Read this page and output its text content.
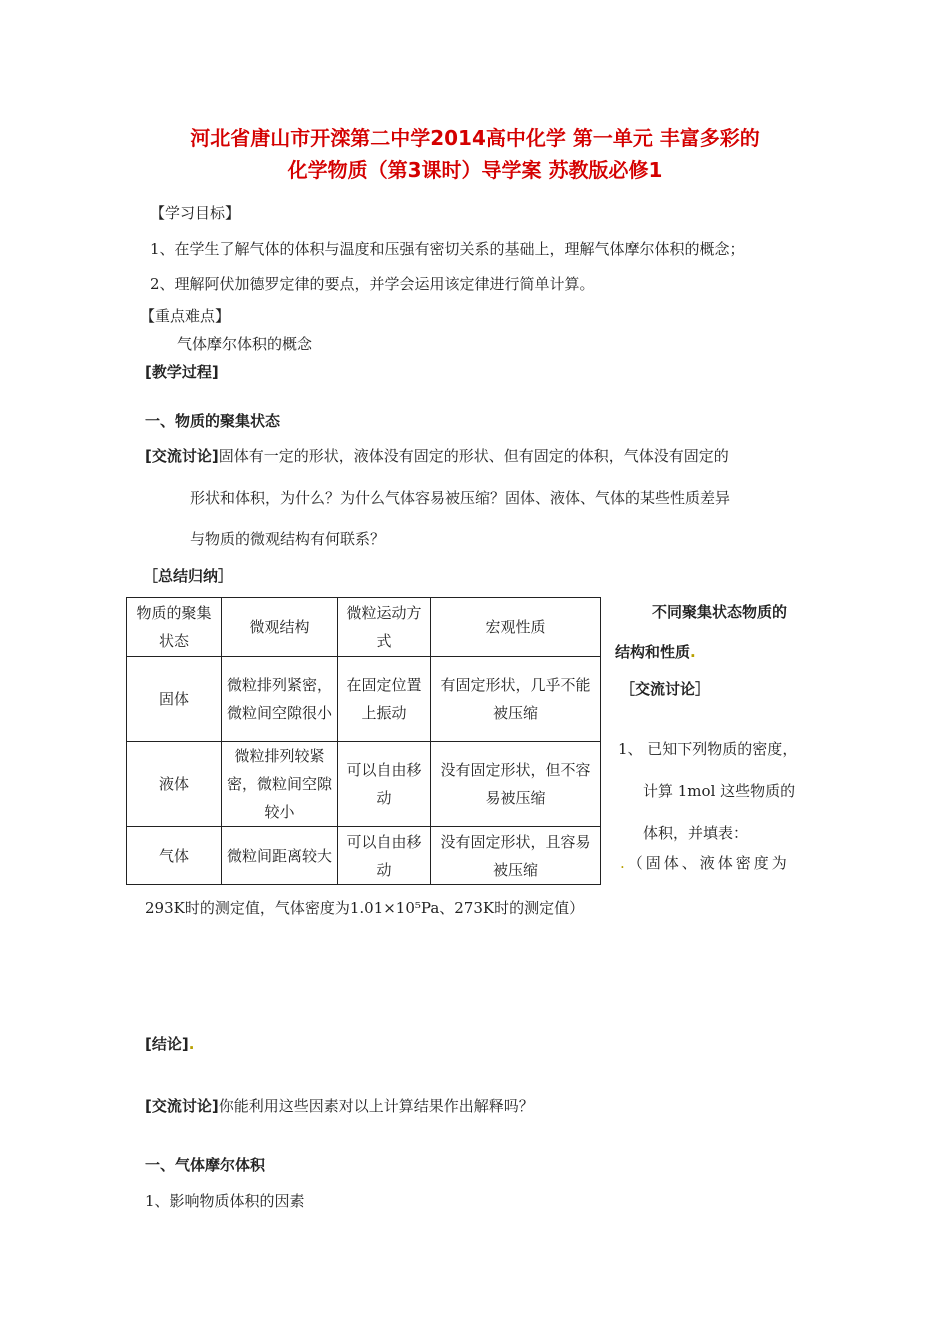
河北省唐山市开滦第二中学2014高中化学 第一单元 丰富多彩的
化学物质（第3课时）导学案 苏教版必修1
【学习目标】
1、在学生了解气体的体积与温度和压强有密切关系的基础上，理解气体摩尔体积的概念；
2、理解阿伏加德罗定律的要点，并学会运用该定律进行简单计算。
【重点难点】
气体摩尔体积的概念
[教学过程]
一、物质的聚集状态
[交流讨论]固体有一定的形状，液体没有固定的形状、但有固定的体积，气体没有固定的
形状和体积，为什么？为什么气体容易被压缩？固体、液体、气体的某些性质差异
与物质的微观结构有何联系？
［总结归纳］
物质的聚集状态	微观结构	微粒运动方式	宏观性质
固体	微粒排列紧密，微粒间空隙很小	在固定位置上振动	有固定形状，几乎不能被压缩
液体	微粒排列较紧密，微粒间空隙较小	可以自由移动	没有固定形状，但不容易被压缩
气体	微粒间距离较大	可以自由移动	没有固定形状，且容易被压缩
不同聚集状态物质的
结构和性质.
［交流讨论］
1、 已知下列物质的密度，
计算 1mol 这些物质的
体积，并填表：
.（固体、液体密度为
293K时的测定值，气体密度为1.01×10⁵Pa、273K时的测定值）
[结论].
[交流讨论]你能利用这些因素对以上计算结果作出解释吗？
一、气体摩尔体积
1、影响物质体积的因素
